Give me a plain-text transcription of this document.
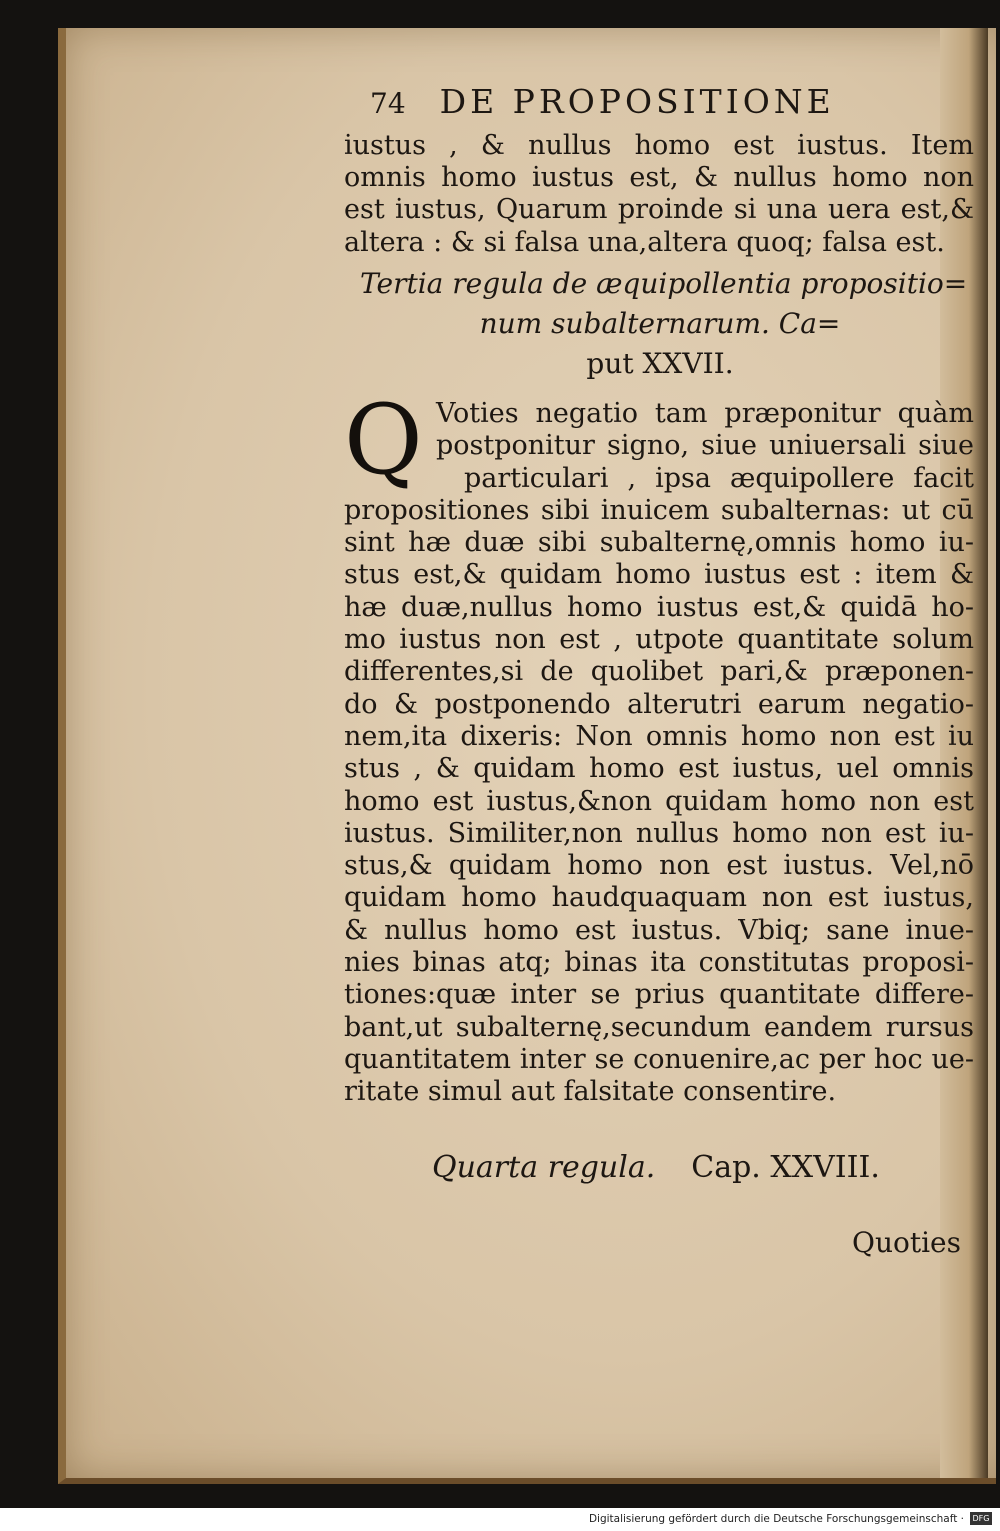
74 DE PROPOSITIONE
iustus , & nullus homo est iustus. Item
omnis homo iustus est, & nullus homo non
est iustus, Quarum proinde si una uera est,&
altera : & si falsa una,altera quoq; falsa est.
Tertia regula de æquipollentia propositio=
num subalternarum. Ca=
put XXVII.
Q Voties negatio tam præponitur quàm
postponitur signo, siue uniuersali siue
particulari , ipsa æquipollere facit
propositiones sibi inuicem subalternas: ut cū
sint hæ duæ sibi subalternę,omnis homo iu-
stus est,& quidam homo iustus est : item &
hæ duæ,nullus homo iustus est,& quidā ho-
mo iustus non est , utpote quantitate solum
differentes,si de quolibet pari,& præponen-
do & postponendo alterutri earum negatio-
nem,ita dixeris: Non omnis homo non est iu
stus , & quidam homo est iustus, uel omnis
homo est iustus,&non quidam homo non est
iustus. Similiter,non nullus homo non est iu-
stus,& quidam homo non est iustus. Vel,nō
quidam homo haudquaquam non est iustus,
& nullus homo est iustus. Vbiq; sane inue-
nies binas atq; binas ita constitutas proposi-
tiones:quæ inter se prius quantitate differe-
bant,ut subalternę,secundum eandem rursus
quantitatem inter se conuenire,ac per hoc ue-
ritate simul aut falsitate consentire.
Quarta regula. Cap. XXVIII.
Quoties
Digitalisierung gefördert durch die Deutsche Forschungsgemeinschaft ·	DFG
